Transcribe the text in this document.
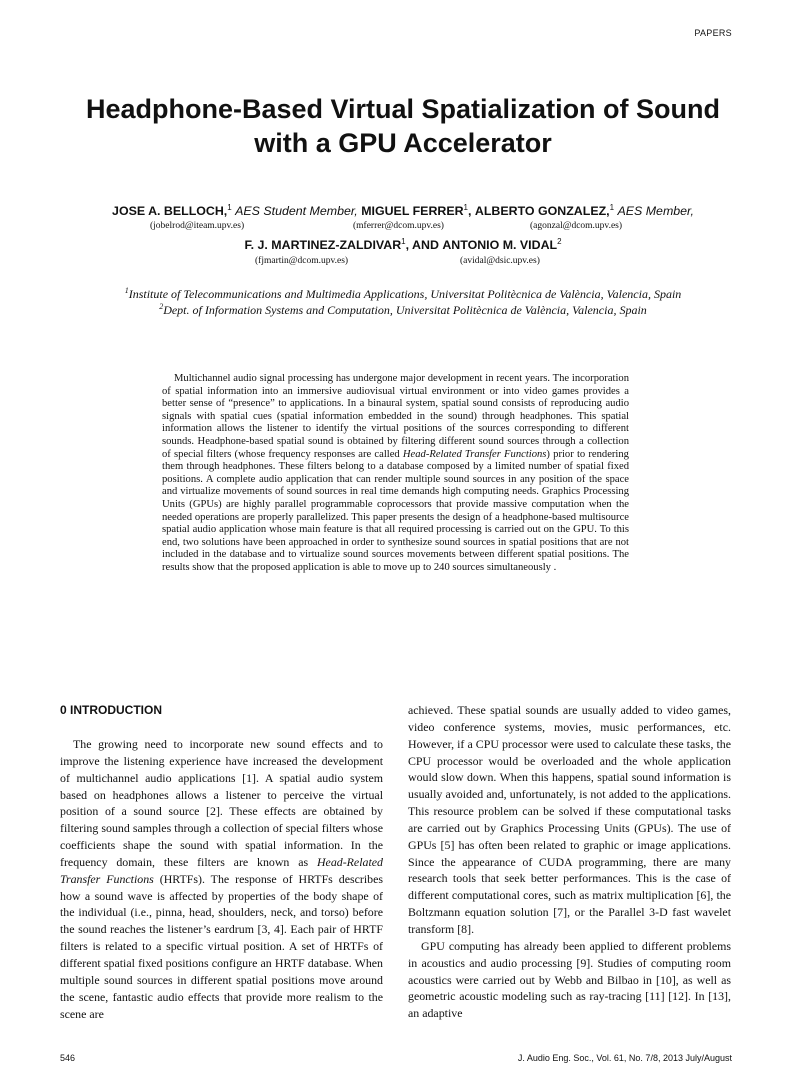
PAPERS
Headphone-Based Virtual Spatialization of Sound
with a GPU Accelerator
JOSE A. BELLOCH,$^1$ AES Student Member, MIGUEL FERRER$^1$, ALBERTO GONZALEZ,$^1$ AES Member,
(jobelrod@iteam.upv.es)	(mferrer@dcom.upv.es)	(agonzal@dcom.upv.es)
F. J. MARTINEZ-ZALDIVAR$^1$, AND ANTONIO M. VIDAL$^2$
(fjmartin@dcom.upv.es)	(avidal@dsic.upv.es)
$^1$Institute of Telecommunications and Multimedia Applications, Universitat Politècnica de València, Valencia, Spain
$^2$Dept. of Information Systems and Computation, Universitat Politècnica de València, Valencia, Spain

Multichannel audio signal processing has undergone major development in recent years. The incorporation of spatial information into an immersive audiovisual virtual environment or into video games provides a better sense of “presence” to applications. In a binaural system, spatial sound consists of reproducing audio signals with spatial cues (spatial information embedded in the sound) through headphones. This spatial information allows the listener to identify the virtual positions of the sources corresponding to different sounds. Headphone-based spatial sound is obtained by filtering different sound sources through a collection of special filters (whose frequency responses are called Head-Related Transfer Functions) prior to rendering them through headphones. These filters belong to a database composed by a limited number of spatial fixed positions. A complete audio application that can render multiple sound sources in any position of the space and virtualize movements of sound sources in real time demands high computing needs. Graphics Processing Units (GPUs) are highly parallel programmable coprocessors that provide massive computation when the needed operations are properly parallelized. This paper presents the design of a headphone-based multisource spatial audio application whose main feature is that all required processing is carried out on the GPU. To this end, two solutions have been approached in order to synthesize sound sources in spatial positions that are not included in the database and to virtualize sound sources movements between different spatial positions. The results show that the proposed application is able to move up to 240 sources simultaneously .

0 INTRODUCTION

The growing need to incorporate new sound effects and to improve the listening experience have increased the development of multichannel audio applications [1]. A spatial audio system based on headphones allows a listener to perceive the virtual position of a sound source [2]. These effects are obtained by filtering sound samples through a collection of special filters whose coefficients shape the sound with spatial information. In the frequency domain, these filters are known as Head-Related Transfer Functions (HRTFs). The response of HRTFs describes how a sound wave is affected by properties of the body shape of the individual (i.e., pinna, head, shoulders, neck, and torso) before the sound reaches the listener’s eardrum [3, 4]. Each pair of HRTF filters is related to a specific virtual position. A set of HRTFs of different spatial fixed positions configure an HRTF database. When multiple sound sources in different spatial positions move around the scene, fantastic audio effects that provide more realism to the scene are

achieved. These spatial sounds are usually added to video games, video conference systems, movies, music performances, etc. However, if a CPU processor were used to calculate these tasks, the CPU processor would be overloaded and the whole application would slow down. When this happens, spatial sound information is usually avoided and, unfortunately, is not added to the applications. This resource problem can be solved if these computational tasks are carried out by Graphics Processing Units (GPUs). The use of GPUs [5] has often been related to graphic or image applications. Since the appearance of CUDA programming, there are many research tools that seek better performances. This is the case of different computational cores, such as matrix multiplication [6], the Boltzmann equation solution [7], or the Parallel 3-D fast wavelet transform [8].

GPU computing has already been applied to different problems in acoustics and audio processing [9]. Studies of computing room acoustics were carried out by Webb and Bilbao in [10], as well as geometric acoustic modeling such as ray-tracing [11] [12]. In [13], an adaptive

546	J. Audio Eng. Soc., Vol. 61, No. 7/8, 2013 July/August
